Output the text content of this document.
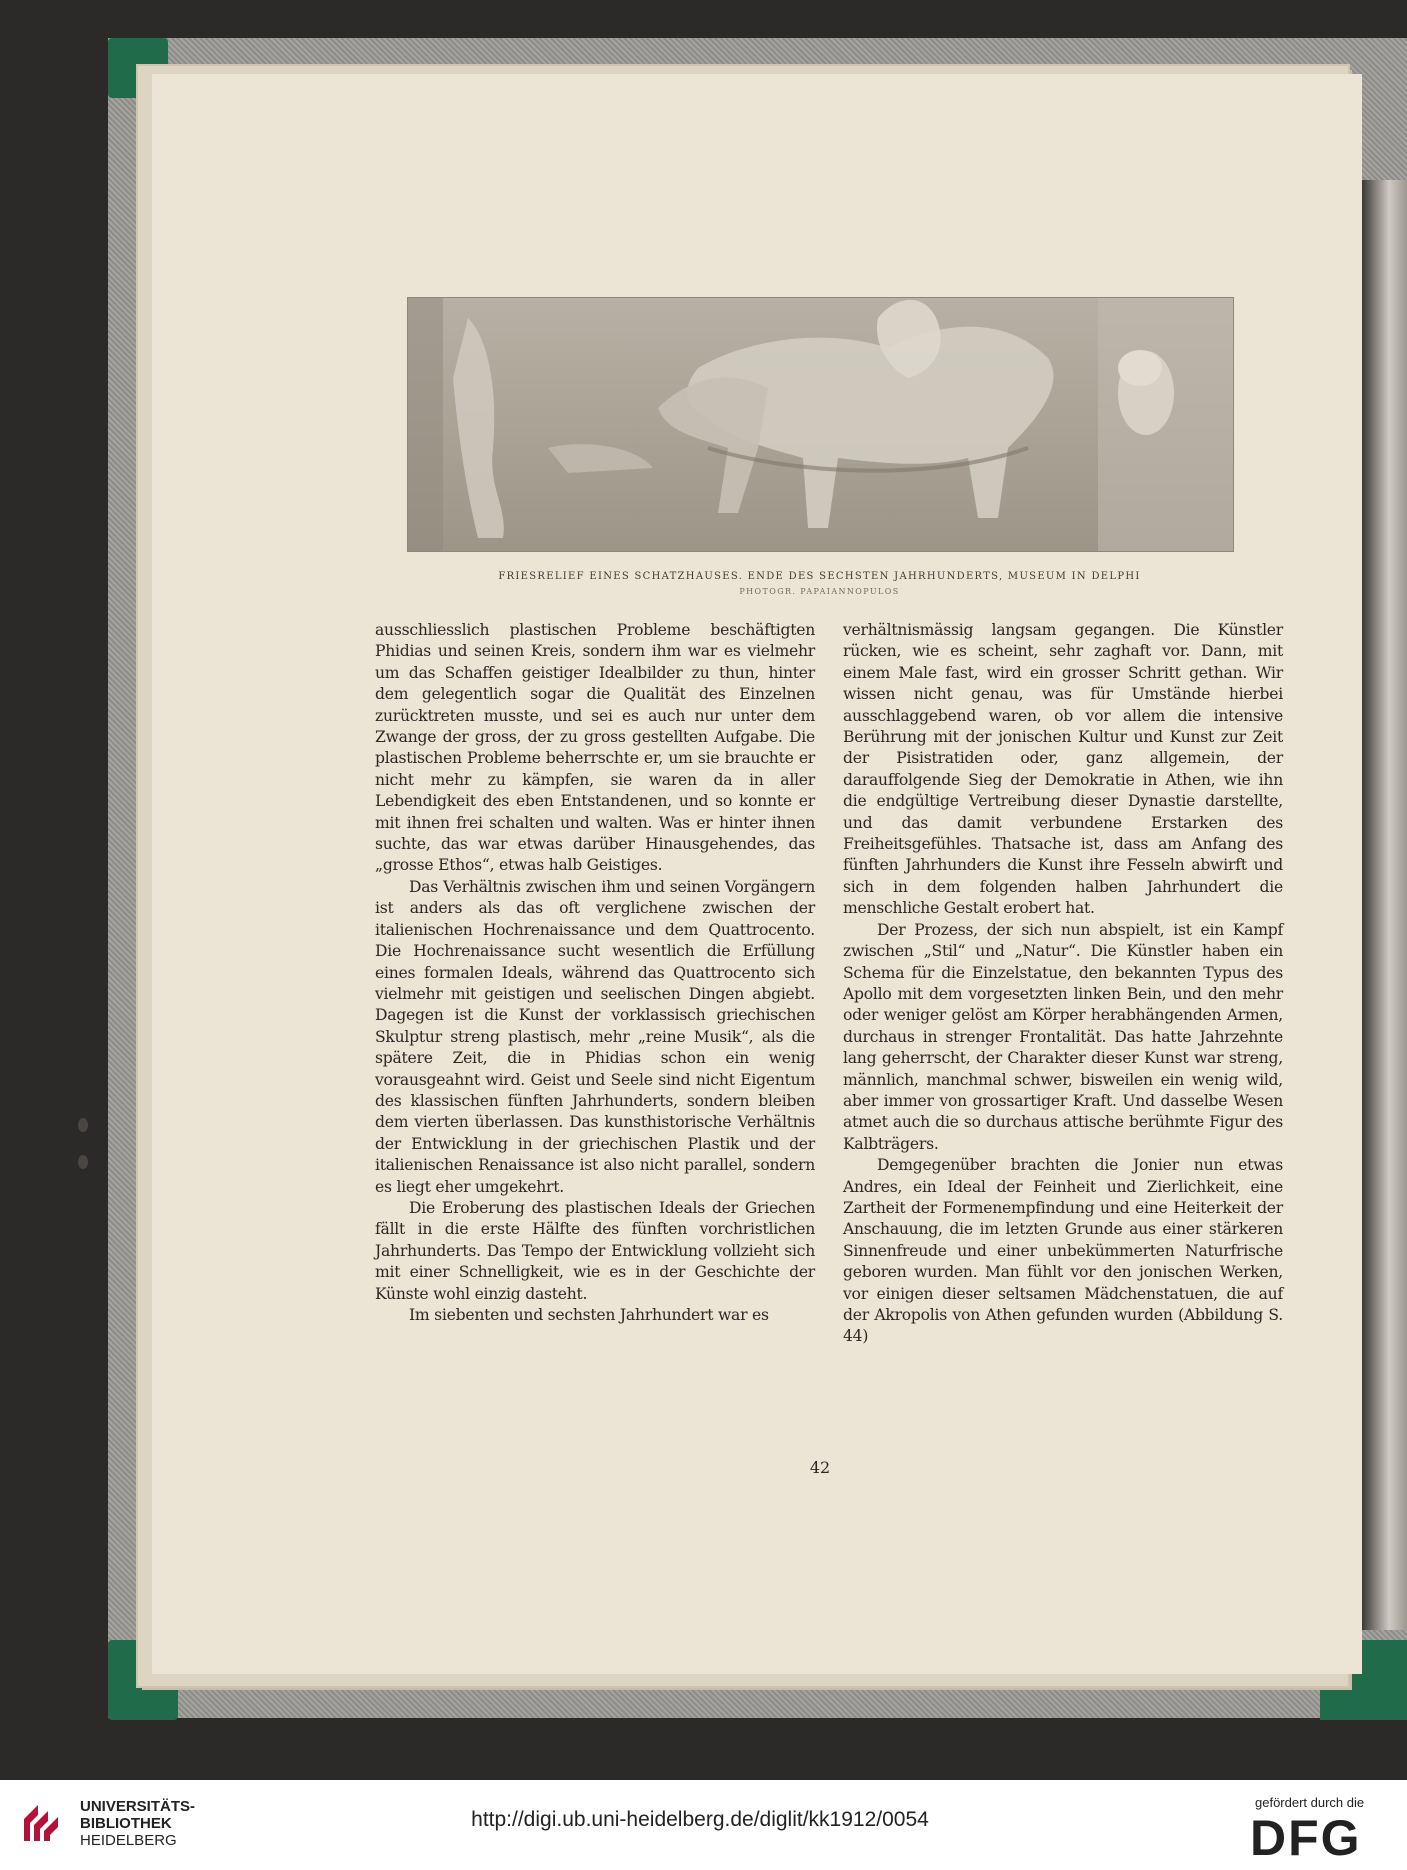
FRIESRELIEF EINES SCHATZHAUSES. ENDE DES SECHSTEN JAHRHUNDERTS, MUSEUM IN DELPHI
PHOTOGR. PAPAIANNOPULOS

ausschliesslich plastischen Probleme beschäftigten Phidias und seinen Kreis, sondern ihm war es vielmehr um das Schaffen geistiger Idealbilder zu thun, hinter dem gelegentlich sogar die Qualität des Einzelnen zurücktreten musste, und sei es auch nur unter dem Zwange der gross, der zu gross gestellten Aufgabe. Die plastischen Probleme beherrschte er, um sie brauchte er nicht mehr zu kämpfen, sie waren da in aller Lebendigkeit des eben Entstandenen, und so konnte er mit ihnen frei schalten und walten. Was er hinter ihnen suchte, das war etwas darüber Hinausgehendes, das „grosse Ethos“, etwas halb Geistiges.

Das Verhältnis zwischen ihm und seinen Vorgängern ist anders als das oft verglichene zwischen der italienischen Hochrenaissance und dem Quattrocento. Die Hochrenaissance sucht wesentlich die Erfüllung eines formalen Ideals, während das Quattrocento sich vielmehr mit geistigen und seelischen Dingen abgiebt. Dagegen ist die Kunst der vorklassisch griechischen Skulptur streng plastisch, mehr „reine Musik“, als die spätere Zeit, die in Phidias schon ein wenig vorausgeahnt wird. Geist und Seele sind nicht Eigentum des klassischen fünften Jahrhunderts, sondern bleiben dem vierten überlassen. Das kunsthistorische Verhältnis der Entwicklung in der griechischen Plastik und der italienischen Renaissance ist also nicht parallel, sondern es liegt eher umgekehrt.

Die Eroberung des plastischen Ideals der Griechen fällt in die erste Hälfte des fünften vorchristlichen Jahrhunderts. Das Tempo der Entwicklung vollzieht sich mit einer Schnelligkeit, wie es in der Geschichte der Künste wohl einzig dasteht.

Im siebenten und sechsten Jahrhundert war es

verhältnismässig langsam gegangen. Die Künstler rücken, wie es scheint, sehr zaghaft vor. Dann, mit einem Male fast, wird ein grosser Schritt gethan. Wir wissen nicht genau, was für Umstände hierbei ausschlaggebend waren, ob vor allem die intensive Berührung mit der jonischen Kultur und Kunst zur Zeit der Pisistratiden oder, ganz allgemein, der darauffolgende Sieg der Demokratie in Athen, wie ihn die endgültige Vertreibung dieser Dynastie darstellte, und das damit verbundene Erstarken des Freiheitsgefühles. Thatsache ist, dass am Anfang des fünften Jahrhunders die Kunst ihre Fesseln abwirft und sich in dem folgenden halben Jahrhundert die menschliche Gestalt erobert hat.

Der Prozess, der sich nun abspielt, ist ein Kampf zwischen „Stil“ und „Natur“. Die Künstler haben ein Schema für die Einzelstatue, den bekannten Typus des Apollo mit dem vorgesetzten linken Bein, und den mehr oder weniger gelöst am Körper herabhängenden Armen, durchaus in strenger Frontalität. Das hatte Jahrzehnte lang geherrscht, der Charakter dieser Kunst war streng, männlich, manchmal schwer, bisweilen ein wenig wild, aber immer von grossartiger Kraft. Und dasselbe Wesen atmet auch die so durchaus attische berühmte Figur des Kalbträgers.

Demgegenüber brachten die Jonier nun etwas Andres, ein Ideal der Feinheit und Zierlichkeit, eine Zartheit der Formenempfindung und eine Heiterkeit der Anschauung, die im letzten Grunde aus einer stärkeren Sinnenfreude und einer unbekümmerten Naturfrische geboren wurden. Man fühlt vor den jonischen Werken, vor einigen dieser seltsamen Mädchenstatuen, die auf der Akropolis von Athen gefunden wurden (Abbildung S. 44)

42
UNIVERSITÄTS-
BIBLIOTHEK
HEIDELBERG
http://digi.ub.uni-heidelberg.de/diglit/kk1912/0054
gefördert durch die
DFG
